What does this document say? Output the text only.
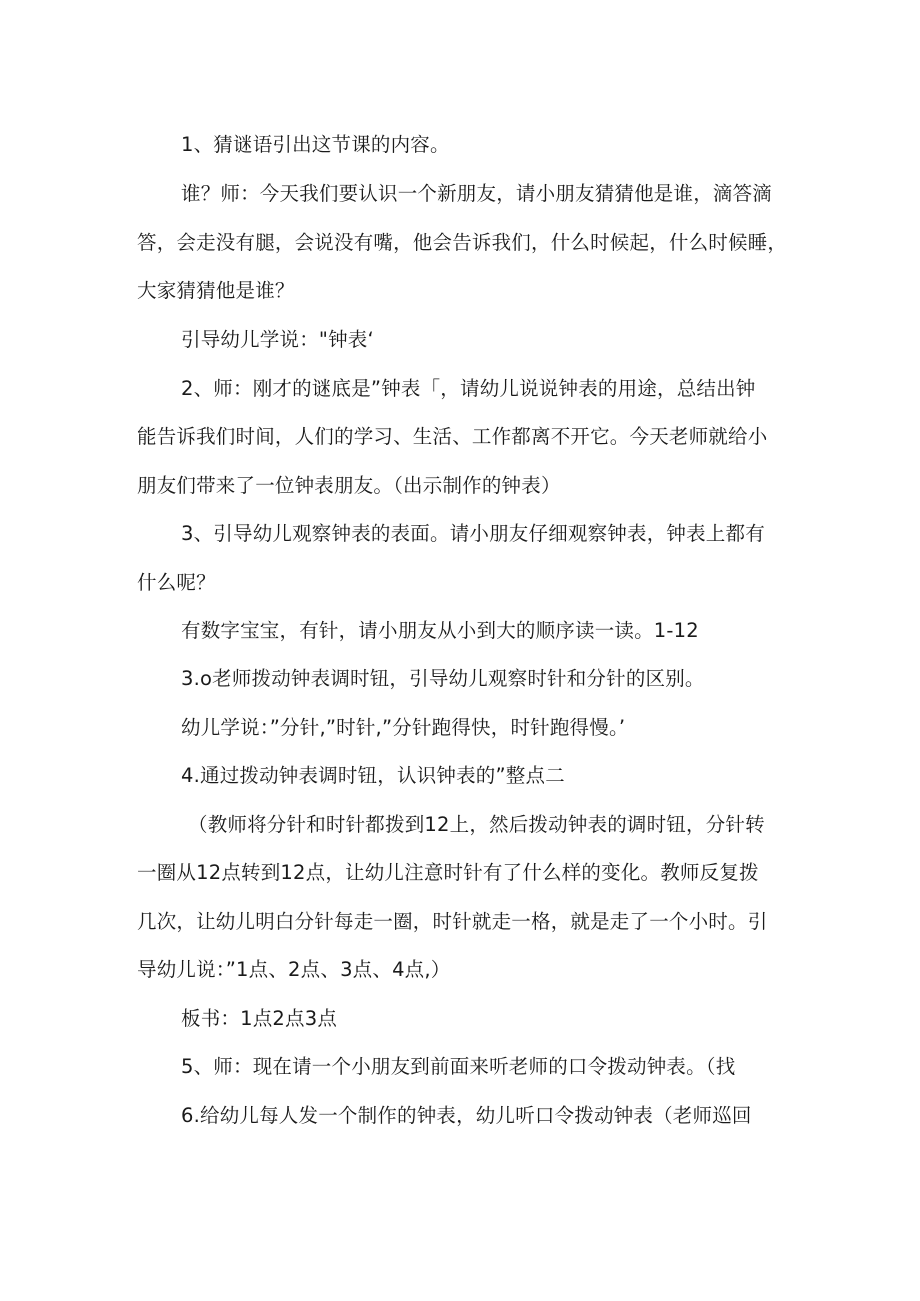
1、猜谜语引出这节课的内容。
谁？师：今天我们要认识一个新朋友，请小朋友猜猜他是谁，滴答滴
答，会走没有腿，会说没有嘴，他会告诉我们，什么时候起，什么时候睡，
大家猜猜他是谁？
引导幼儿学说："钟表‘
2、师：刚才的谜底是”钟表「，请幼儿说说钟表的用途，总结出钟
能告诉我们时间，人们的学习、生活、工作都离不开它。今天老师就给小
朋友们带来了一位钟表朋友。（出示制作的钟表）
3、引导幼儿观察钟表的表面。请小朋友仔细观察钟表，钟表上都有
什么呢？
有数字宝宝，有针，请小朋友从小到大的顺序读一读。1-12
3.o老师拨动钟表调时钮，引导幼儿观察时针和分针的区别。
幼儿学说：”分针,”时针,”分针跑得快，时针跑得慢。’
4.通过拨动钟表调时钮，认识钟表的”整点二
（教师将分针和时针都拨到12上，然后拨动钟表的调时钮，分针转
一圈从12点转到12点，让幼儿注意时针有了什么样的变化。教师反复拨
几次，让幼儿明白分针每走一圈，时针就走一格，就是走了一个小时。引
导幼儿说：”1点、2点、3点、4点,）
板书：1点2点3点
5、师：现在请一个小朋友到前面来听老师的口令拨动钟表。（找
6.给幼儿每人发一个制作的钟表，幼儿听口令拨动钟表（老师巡回
